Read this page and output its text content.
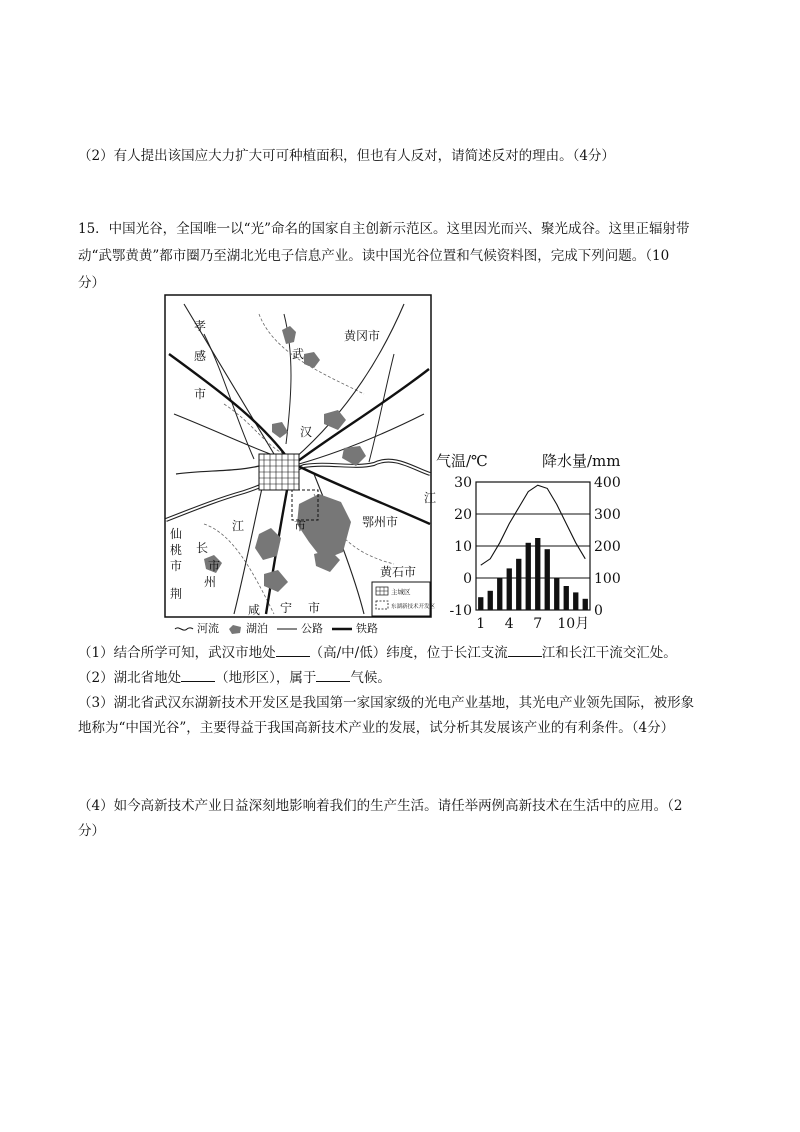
（2）有人提出该国应大力扩大可可种植面积，但也有人反对，请简述反对的理由。（4分）
15．中国光谷，全国唯一以“光”命名的国家自主创新示范区。这里因光而兴、聚光成谷。这里正辐射带
动“武鄂黄黄”都市圈乃至湖北光电子信息产业。读中国光谷位置和气候资料图，完成下列问题。（10
分）
孝
感
市
黄冈市
武
汉
市
江
江
鄂州市
黄石市
仙
桃
市
长
州
荆
市
咸 宁 市
主城区
东湖新技术开发区
河流 湖泊	公路	铁路
气温/℃	降水量/mm
30
20
10
0
-10
400
300
200
100
0
1 4 7 10 月
（1）结合所学可知，武汉市地处	（高/中/低）纬度，位于长江支流	江和长江干流交汇处。
（2）湖北省地处	（地形区），属于	气候。
（3）湖北省武汉东湖新技术开发区是我国第一家国家级的光电产业基地，其光电产业领先国际，被形象
地称为“中国光谷”，主要得益于我国高新技术产业的发展，试分析其发展该产业的有利条件。（4分）
（4）如今高新技术产业日益深刻地影响着我们的生产生活。请任举两例高新技术在生活中的应用。（2
分）
